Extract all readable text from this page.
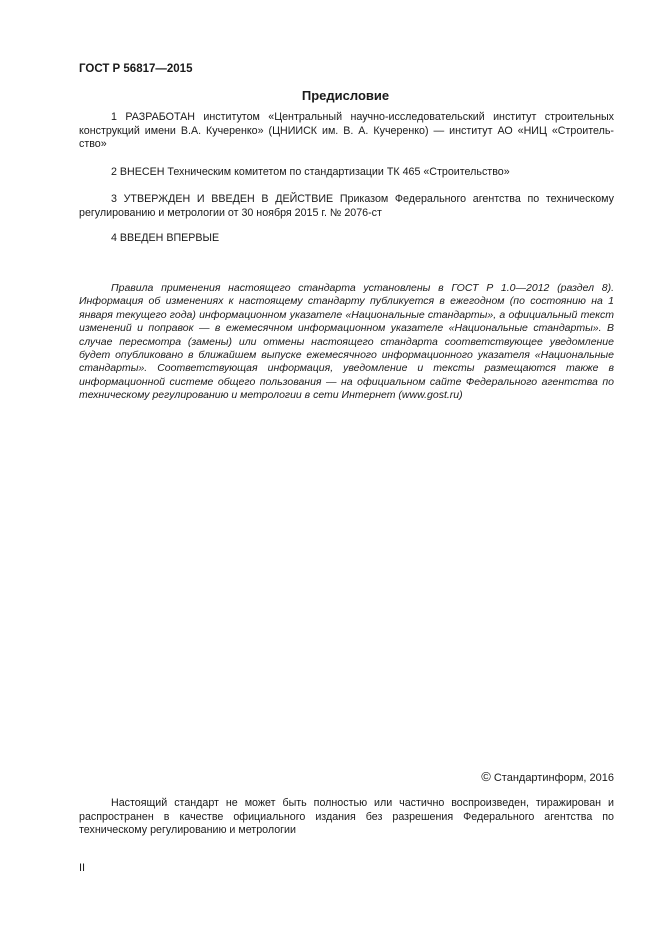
ГОСТ Р 56817—2015
Предисловие

1 РАЗРАБОТАН институтом «Центральный научно-исследовательский институт строительных конструкций имени В.А. Кучеренко» (ЦНИИСК им. В. А. Кучеренко) — институт АО «НИЦ «Строитель-ство»

2 ВНЕСЕН Техническим комитетом по стандартизации ТК 465 «Строительство»

3 УТВЕРЖДЕН И ВВЕДЕН В ДЕЙСТВИЕ Приказом Федерального агентства по техническому регулированию и метрологии от 30 ноября 2015 г. № 2076-ст

4 ВВЕДЕН ВПЕРВЫЕ

Правила применения настоящего стандарта установлены в ГОСТ Р 1.0—2012 (раздел 8). Информация об изменениях к настоящему стандарту публикуется в ежегодном (по состоянию на 1 января текущего года) информационном указателе «Национальные стандарты», а официальный текст изменений и поправок — в ежемесячном информационном указателе «Национальные стандарты». В случае пересмотра (замены) или отмены настоящего стандарта соответствующее уведомление будет опубликовано в ближайшем выпуске ежемесячного информационного указателя «Национальные стандарты». Соответствующая информация, уведомление и тексты размещаются также в информационной системе общего пользования — на официальном сайте Федерального агентства по техническому регулированию и метрологии в сети Интернет (www.gost.ru)

© Стандартинформ, 2016

Настоящий стандарт не может быть полностью или частично воспроизведен, тиражирован и распространен в качестве официального издания без разрешения Федерального агентства по техническому регулированию и метрологии

II
